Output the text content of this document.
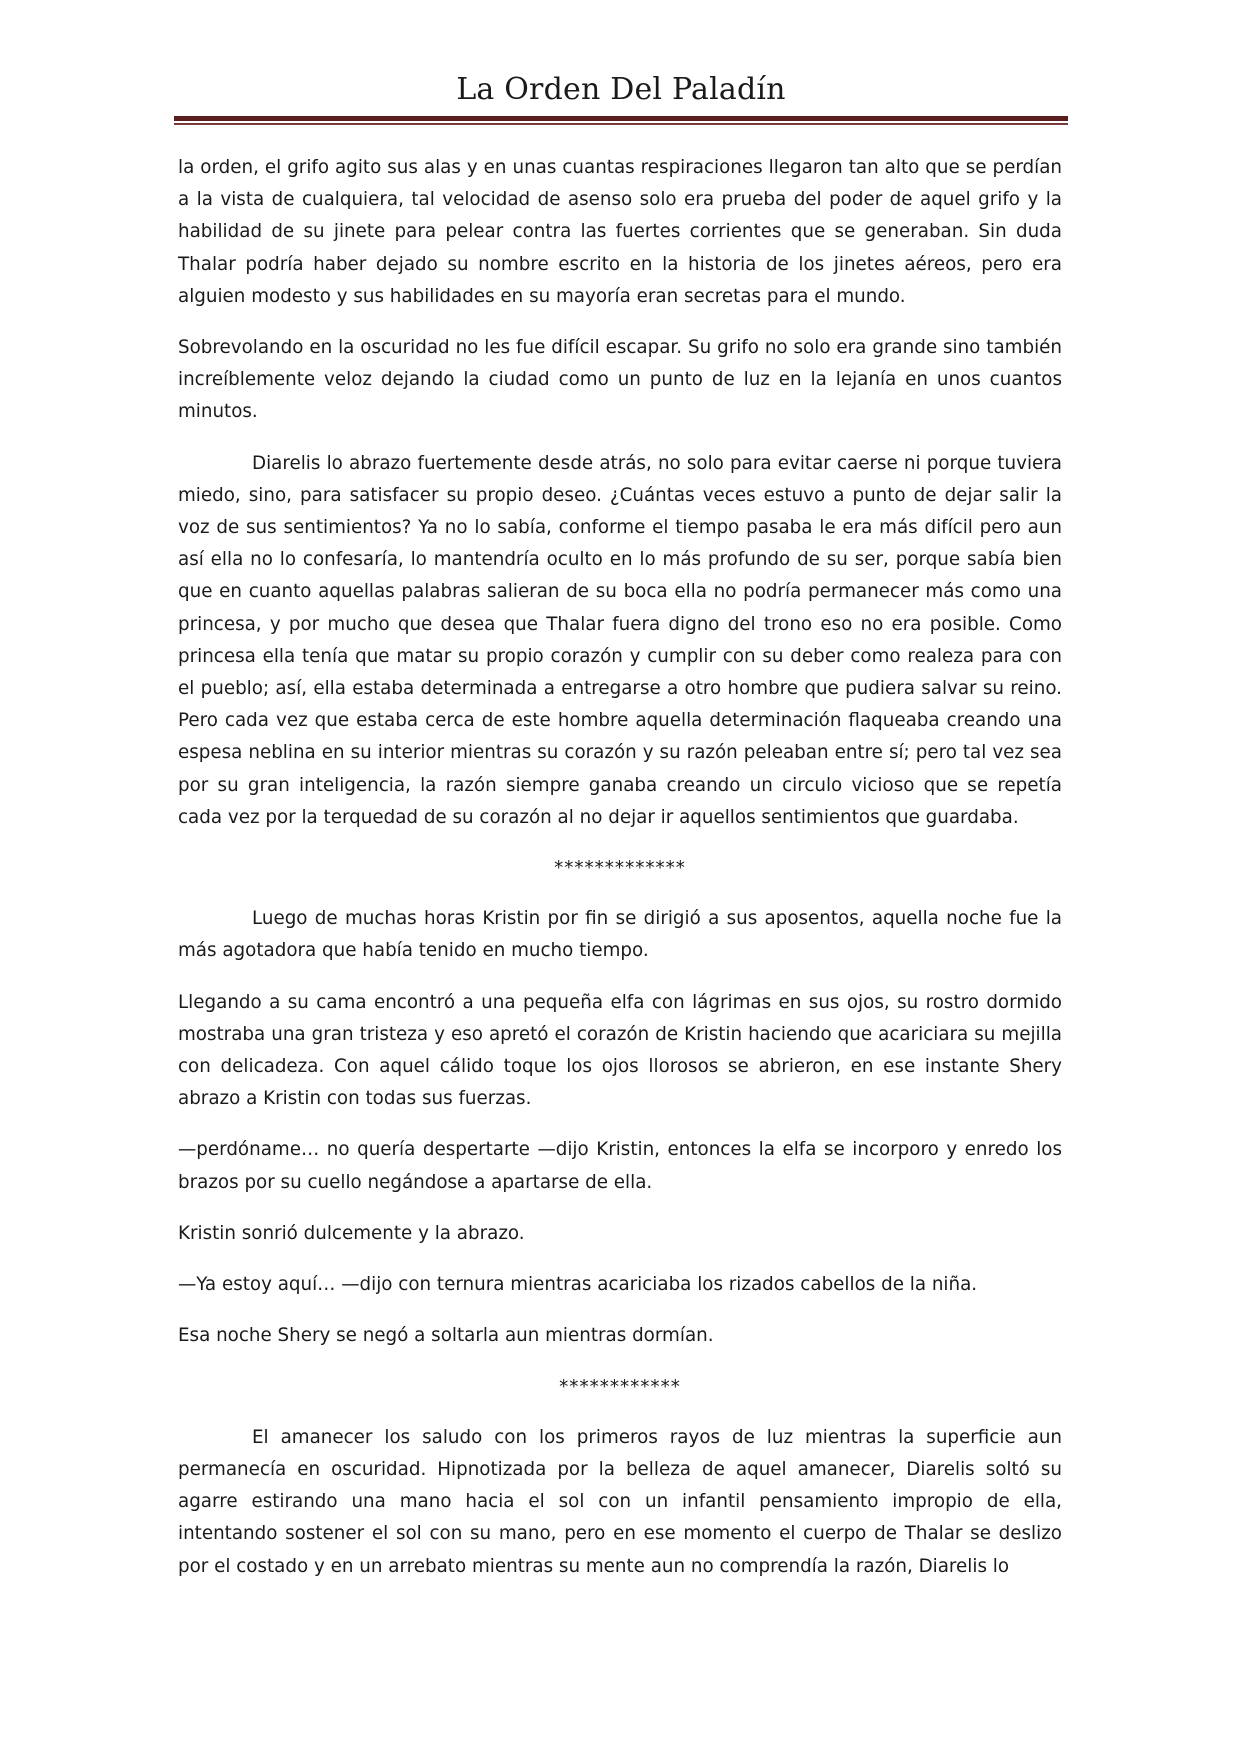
La Orden Del Paladín

la orden, el grifo agito sus alas y en unas cuantas respiraciones llegaron tan alto que se perdían a la vista de cualquiera, tal velocidad de asenso solo era prueba del poder de aquel grifo y la habilidad de su jinete para pelear contra las fuertes corrientes que se generaban. Sin duda Thalar podría haber dejado su nombre escrito en la historia de los jinetes aéreos, pero era alguien modesto y sus habilidades en su mayoría eran secretas para el mundo.

Sobrevolando en la oscuridad no les fue difícil escapar. Su grifo no solo era grande sino también increíblemente veloz dejando la ciudad como un punto de luz en la lejanía en unos cuantos minutos.

Diarelis lo abrazo fuertemente desde atrás, no solo para evitar caerse ni porque tuviera miedo, sino, para satisfacer su propio deseo. ¿Cuántas veces estuvo a punto de dejar salir la voz de sus sentimientos? Ya no lo sabía, conforme el tiempo pasaba le era más difícil pero aun así ella no lo confesaría, lo mantendría oculto en lo más profundo de su ser, porque sabía bien que en cuanto aquellas palabras salieran de su boca ella no podría permanecer más como una princesa, y por mucho que desea que Thalar fuera digno del trono eso no era posible. Como princesa ella tenía que matar su propio corazón y cumplir con su deber como realeza para con el pueblo; así, ella estaba determinada a entregarse a otro hombre que pudiera salvar su reino. Pero cada vez que estaba cerca de este hombre aquella determinación flaqueaba creando una espesa neblina en su interior mientras su corazón y su razón peleaban entre sí; pero tal vez sea por su gran inteligencia, la razón siempre ganaba creando un circulo vicioso que se repetía cada vez por la terquedad de su corazón al no dejar ir aquellos sentimientos que guardaba.

*************

Luego de muchas horas Kristin por fin se dirigió a sus aposentos, aquella noche fue la más agotadora que había tenido en mucho tiempo.

Llegando a su cama encontró a una pequeña elfa con lágrimas en sus ojos, su rostro dormido mostraba una gran tristeza y eso apretó el corazón de Kristin haciendo que acariciara su mejilla con delicadeza. Con aquel cálido toque los ojos llorosos se abrieron, en ese instante Shery abrazo a Kristin con todas sus fuerzas.

—perdóname… no quería despertarte —dijo Kristin, entonces la elfa se incorporo y enredo los brazos por su cuello negándose a apartarse de ella.

Kristin sonrió dulcemente y la abrazo.

—Ya estoy aquí… —dijo con ternura mientras acariciaba los rizados cabellos de la niña.

Esa noche Shery se negó a soltarla aun mientras dormían.

************

El amanecer los saludo con los primeros rayos de luz mientras la superficie aun permanecía en oscuridad. Hipnotizada por la belleza de aquel amanecer, Diarelis soltó su agarre estirando una mano hacia el sol con un infantil pensamiento impropio de ella, intentando sostener el sol con su mano, pero en ese momento el cuerpo de Thalar se deslizo por el costado y en un arrebato mientras su mente aun no comprendía la razón, Diarelis lo
